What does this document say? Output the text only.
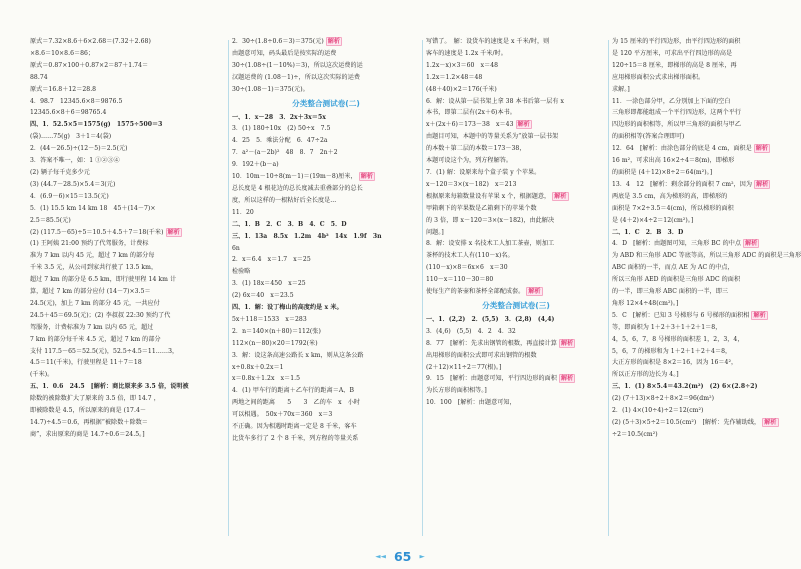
原式＝7.32×8.6＋6×2.68＝(7.32＋2.68)
×8.6＝10×8.6＝86；
原式＝0.87×100＋0.87×2＝87＋1.74＝
88.74
原式＝16.8＋12＝28.8
4．98.7　12345.6×8＝9876.5
12345.6×8＋6＝98765.4
四、1．52.5×5＝1575(g)　1575÷500＝3
(袋)……75(g)　3＋1＝4(袋)
2．(44－26.5)÷(12－5)＝2.5(元)
3．答案不唯一，如：1 ①②③④
(2) 辆子每千克多少元
(3) (44.7－28.5)×5.4＝3(元)
4．(6.9－6)×15＝13.5(元)
5．(1) 15.5 km 14 km 18　45＋(14－7)×
2.5＝85.5(元)
(2) (117.5－65)÷5＝10.5＋4.5＋7＝18(千米) 解析
(1) 王阿姨 21:00 预约了代驾服务，计费标
准为 7 km 以内 45 元，超过 7 km 的部分每
千米 3.5 元，从公司到家共行驶了 13.5 km，
超过 7 km 的部分是 6.5 km，即行驶里程 14 km 计
算，超过 7 km 的部分应付 (14－7)×3.5＝
24.5(元)，加上 7 km 的部分 45 元，一共应付
24.5＋45＝69.5(元)；(2) 李叔叔 22:30 预约了代
驾服务，计费标准为 7 km 以内 65 元，超过
7 km 的部分每千米 4.5 元，超过 7 km 的部分
支付 117.5－65＝52.5(元)，52.5÷4.5＝11……3，
4.5＝11(千米)，行驶里程是 11＋7＝18
(千米)。
五、1．0.6　24.5　[解析：商比原来多 3.5 倍，说明被
除数的被除数扩大了原来的 3.5 倍，即 14.7 ，
即被除数是 4.5，所以原来的商是 (17.4－
14.7)÷4.5＝0.6，再根据“被除数＋除数＝
商”，求出原来的商是 14.7÷0.6＝24.5。]
2．30÷(1.8÷0.6＝3)＝375(元) 解析
由题意可知，码头最后是按实际的运费
30÷(1.08÷(1－10%)＝3)，所以这次运费的运
汉题运费的 (1.08－1)÷，所以这次实际的运费
30÷(1.08－1)＝375(元)。
分类整合测试卷(二)
一、1．x－28　3．2x＋3x＝5x
3．(1) 180÷10x　(2) 50÷x　7.5
4．25　5．乘法分配　6．47÷2a
7．a²－(a－2b)²　48　8．7　2n＋2
9．192＋(b－a)
10．10m－10÷8(m－1)＝(19m－8)厘米， 解析
总长度是 4 根花边的总长度减去重叠部分的总长
度，所以这样的一根粘好后全长度是...
11．20
二、1．B　2．C　3．B　4．C　5．D
三、1．13a　8.5x　1.2m　4b²　14x　1.9f　3n
6n
2．x＝6.4　x＝1.7　x＝25
检验略
3．(1) 18x＝450　x＝25
(2) 6x＝40　x＝23.5
四、1．解：设丁梅山的高度约是 x 米。
5x＋118＝1533　x＝283
2．n＝140×(n＋80)＝112(张)
112×(n－80)×20＝1792(米)
3．解：设这条高速公路长 x km，则从这条公路
x÷0.8x＋0.2x＝1
x＝0.8x＋1.2x　x＝1.5
4．(1) 甲车行的距离＋乙车行的距离＝A、B
两地之间的距离　　5　　3　乙的车　x　小时
可以相遇。　50x＋70x＝360　x＝3
不正确。因为相遇时距离一定是 8 千米，客车
比货车多行了 2 个 8 千米，列方程的等量关系
写错了。　解：设货车的速度是 x 千米/时，则
客车的速度是 1.2x 千米/时。
1.2x－x)×3＝60　x＝48
1.2x＝1.2×48＝48
(48＋40)×2＝176(千米)
6．解：设从第一层书架上拿 38 本书后第一层有 x
本书，即第二层有(2x＋6)本书。
x＋(2x＋6)＝173－38　x＝43 解析
由题目可知，本题中的等量关系为“放第一层书架
的本数＋第二层的本数＝173－38，
本题可设这个为，列方程解答。
7．(1) 解：设原来每个盒子装 y 个苹果。
x－120＝3×(x－182)　x＝213
根据原来每箱数量设有苹果 x 个，根据题意， 解析
甲箱剩下的苹果数是乙箱剩下的苹果个数
的 3 倍，即 x－120＝3×(x－182)，由此解决
问题。]
8．解：设安排 x 名技术工人加工茶壶，则加工
茶杯的技术工人有(110－x)名。
(110－x)×8＝6x×6　x＝30
110－x＝110－30＝80
使每生产的茶壶和茶杯全部配成套。 解析
分类整合测试卷(三)
一、1．(2,2)　2．(5,5)　3．(2,8)　(4,4)
3．(4,6)　(5,5)　4．2　4．32
8．77　[解析：先求出钢管的根数，再直接计算 解析
出用梯形的面积公式即可求出钢管的根数
(2＋12)×11÷2＝77(根)。]
9．15　[解析：由题意可知，平行四边形的面积 解析
为长方形的面积相等。]
10．100　[解析：由题意可知，
为 15 厘米的平行四边形，由平行四边形的面积
是 120 平方厘米，可求出平行四边形的高是
120÷15＝8 厘米，即梯形的高是 8 厘米，再
应用梯形面积公式求出梯形面积。
求解。]
11．一涂色部分甲，乙分别加上下面的空白
三角形即都能组成一个平行四边形，这两个平行
四边形的面积相等，所以甲三角形的面积与甲乙
的面积相等(答案合理即可)
12．64　[解析：由涂色部分的底是 4 cm，面积是 解析
16 m²，可求出高 16×2÷4＝8(m)，即梯形
的面积是 (4＋12)×8÷2＝64(m²)。]
13．4　12　[解析：剩余部分的面积 7 cm²，因为 解析
两底是 3.5 cm，高为梯形的高，即梯形的
面积是 7×2÷3.5＝4(cm)，所以梯形的面积
是 (4＋2)×4÷2＝12(cm²)。]
二、1．C　2．B　3．D
4．D　[解析：由题图可知，三角形 BC 的中点 解析
为 ABD 和三角形 ADC 等底等高，所以三角形 ADC 的面积是三角形
ABC 面积的一半，而点 AE 为 AC 的中点，
所以三角形 AED 的面积是三角形 ADC 的面积
的一半，即三角形 ABC 面积的一半，即三
角形 12×4÷48(cm²)。]
5．C　[解析：已知 3 号梯形与 6 号梯形的面积相 解析
等，即面积为 1＋2＋3＋1＋2＋1＝8，
4，5，6，7，8 号梯形的面积差 1，2，3，4，
5，6，7 的梯形和为 1＋2＋1＋2＋4＝8，
大正方形的面积是 8×2＝16，因为 16＝4²，
所以正方形的边长为 4。]
三、1．(1) 8×5.4＝43.2(m²)　(2) 6×(2.8÷2)
(2) (7＋13)×8÷2＋8×2＝96(dm²)
2．(1) 4×(10÷4)÷2＝12(cm²)
(2) (5＋3)×5÷2＝10.5(cm²)　[解析：先作辅助线， 解析
÷2＝10.5(cm²)
◄◄ 65 ►
